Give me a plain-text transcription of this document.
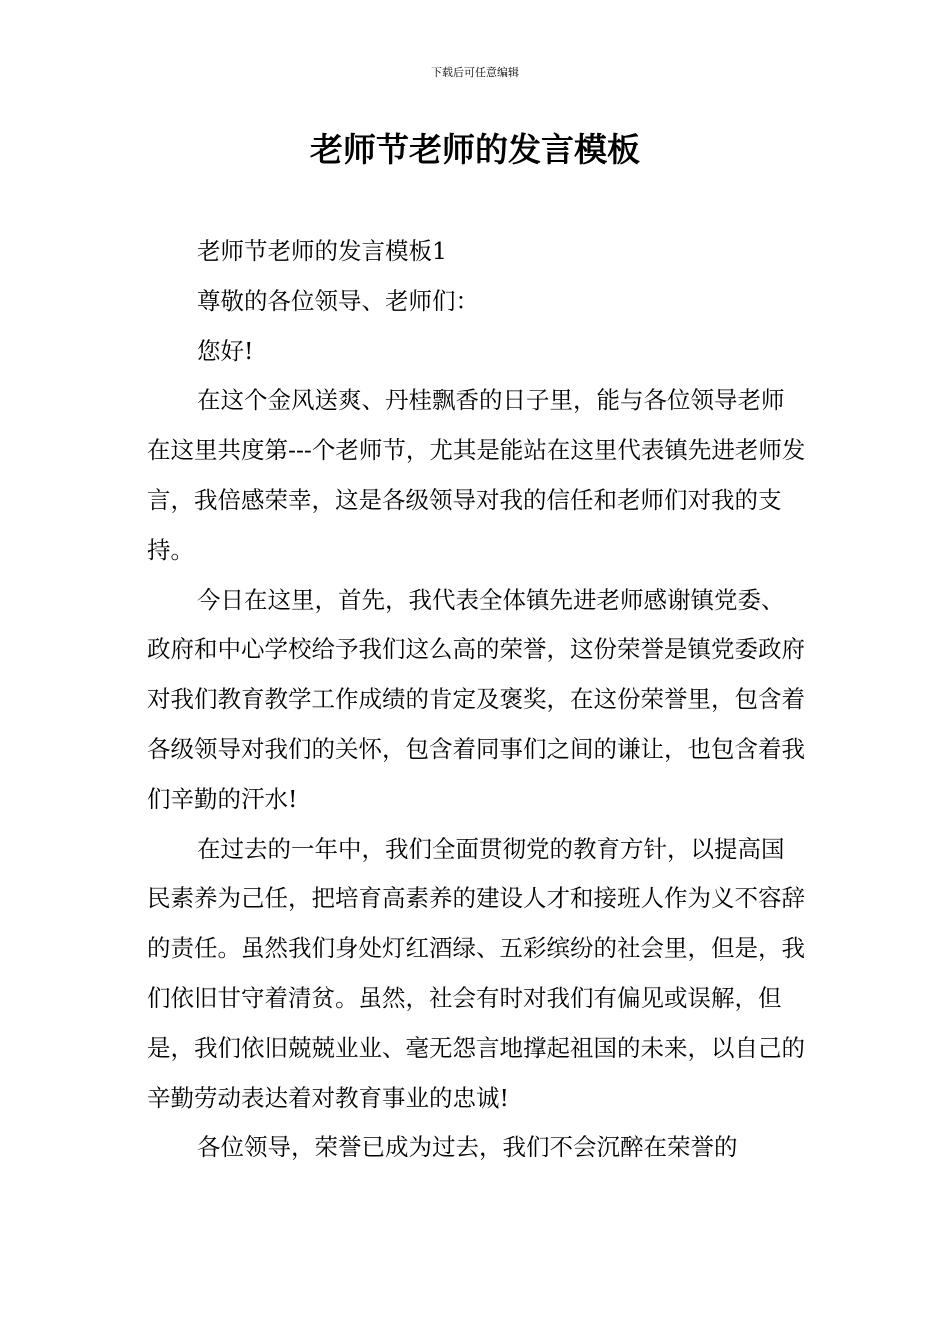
下载后可任意编辑
老师节老师的发言模板

老师节老师的发言模板1

尊敬的各位领导、老师们：

您好!

在这个金风送爽、丹桂飘香的日子里，能与各位领导老师在这里共度第---个老师节，尤其是能站在这里代表镇先进老师发言，我倍感荣幸，这是各级领导对我的信任和老师们对我的支持。

今日在这里，首先，我代表全体镇先进老师感谢镇党委、政府和中心学校给予我们这么高的荣誉，这份荣誉是镇党委政府对我们教育教学工作成绩的肯定及褒奖，在这份荣誉里，包含着各级领导对我们的关怀，包含着同事们之间的谦让，也包含着我们辛勤的汗水!

在过去的一年中，我们全面贯彻党的教育方针，以提高国民素养为己任，把培育高素养的建设人才和接班人作为义不容辞的责任。虽然我们身处灯红酒绿、五彩缤纷的社会里，但是，我们依旧甘守着清贫。虽然，社会有时对我们有偏见或误解，但是，我们依旧兢兢业业、毫无怨言地撑起祖国的未来，以自己的辛勤劳动表达着对教育事业的忠诚!

各位领导，荣誉已成为过去，我们不会沉醉在荣誉的
